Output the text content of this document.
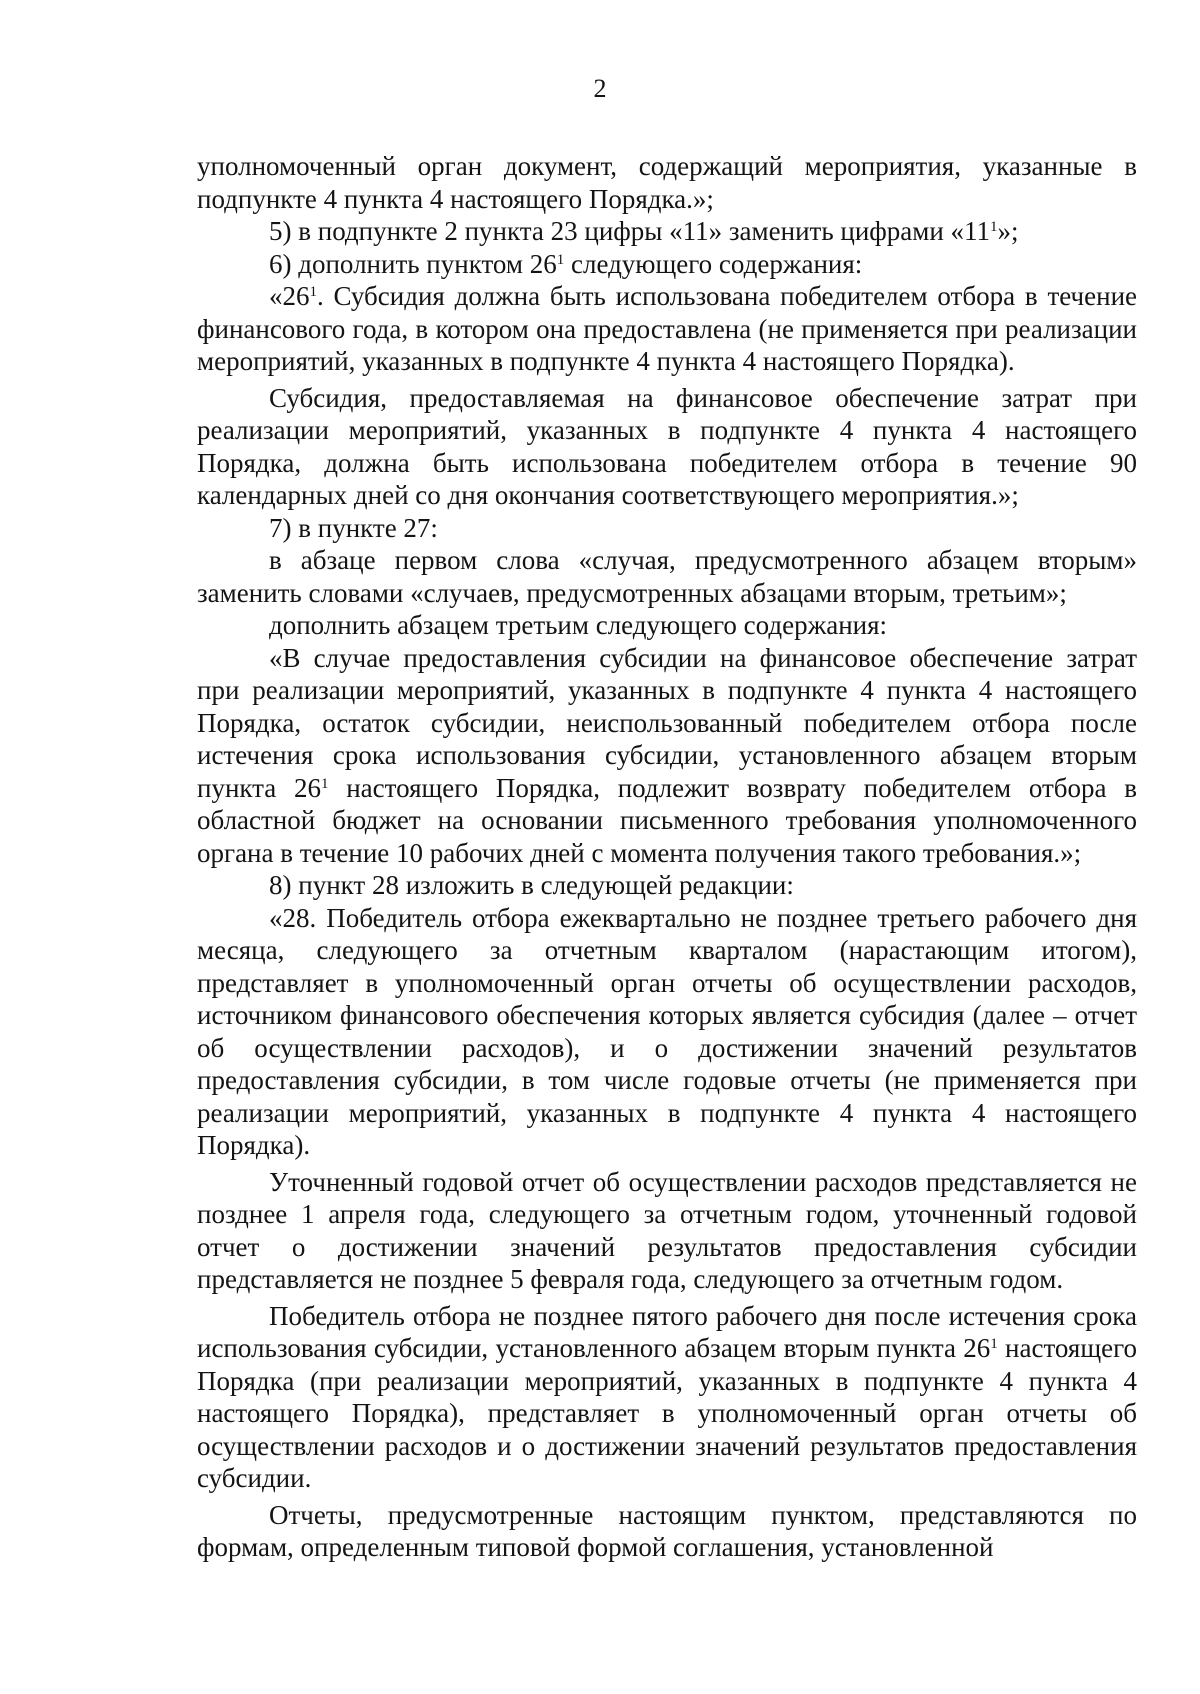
2

уполномоченный орган документ, содержащий мероприятия, указанные в подпункте 4 пункта 4 настоящего Порядка.»;

5) в подпункте 2 пункта 23 цифры «11» заменить цифрами «$11^1$»;

6) дополнить пунктом $26^1$ следующего содержания:

«$26^1$. Субсидия должна быть использована победителем отбора в течение финансового года, в котором она предоставлена (не применяется при реализации мероприятий, указанных в подпункте 4 пункта 4 настоящего Порядка).

Субсидия, предоставляемая на финансовое обеспечение затрат при реализации мероприятий, указанных в подпункте 4 пункта 4 настоящего Порядка, должна быть использована победителем отбора в течение 90 календарных дней со дня окончания соответствующего мероприятия.»;

7) в пункте 27:

в абзаце первом слова «случая, предусмотренного абзацем вторым» заменить словами «случаев, предусмотренных абзацами вторым, третьим»;

дополнить абзацем третьим следующего содержания:

«В случае предоставления субсидии на финансовое обеспечение затрат при реализации мероприятий, указанных в подпункте 4 пункта 4 настоящего Порядка, остаток субсидии, неиспользованный победителем отбора после истечения срока использования субсидии, установленного абзацем вторым пункта $26^1$ настоящего Порядка, подлежит возврату победителем отбора в областной бюджет на основании письменного требования уполномоченного органа в течение 10 рабочих дней с момента получения такого требования.»;

8) пункт 28 изложить в следующей редакции:

«28. Победитель отбора ежеквартально не позднее третьего рабочего дня месяца, следующего за отчетным кварталом (нарастающим итогом), представляет в уполномоченный орган отчеты об осуществлении расходов, источником финансового обеспечения которых является субсидия (далее – отчет об осуществлении расходов), и о достижении значений результатов предоставления субсидии, в том числе годовые отчеты (не применяется при реализации мероприятий, указанных в подпункте 4 пункта 4 настоящего Порядка).

Уточненный годовой отчет об осуществлении расходов представляется не позднее 1 апреля года, следующего за отчетным годом, уточненный годовой отчет о достижении значений результатов предоставления субсидии представляется не позднее 5 февраля года, следующего за отчетным годом.

Победитель отбора не позднее пятого рабочего дня после истечения срока использования субсидии, установленного абзацем вторым пункта $26^1$ настоящего Порядка (при реализации мероприятий, указанных в подпункте 4 пункта 4 настоящего Порядка), представляет в уполномоченный орган отчеты об осуществлении расходов и о достижении значений результатов предоставления субсидии.

Отчеты, предусмотренные настоящим пунктом, представляются по формам, определенным типовой формой соглашения, установленной
